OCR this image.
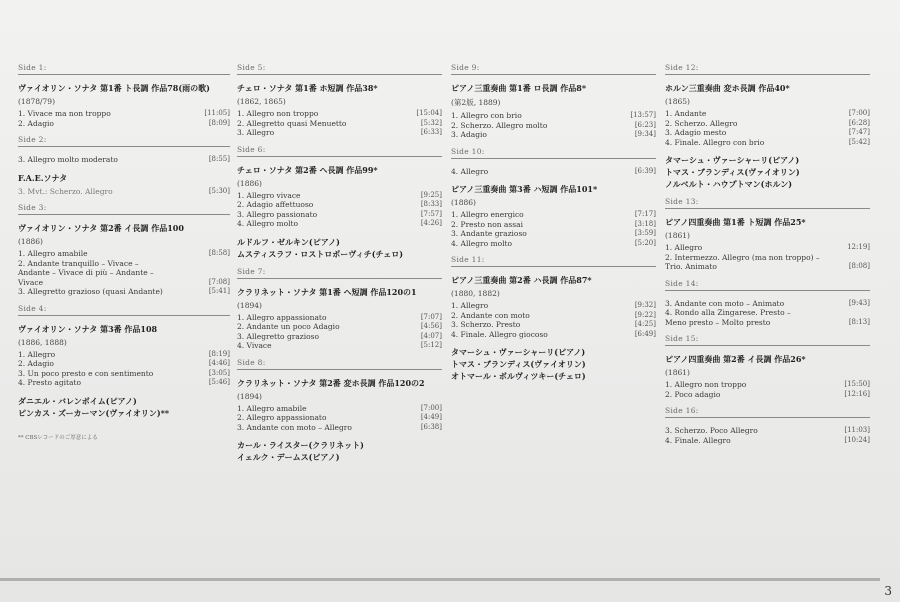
Side 1:
ヴァイオリン・ソナタ 第1番 ト長調 作品78(雨の歌)
(1878/79)
1. Vivace ma non troppo	[11:05]
2. Adagio	[8:09]
Side 2:
3. Allegro molto moderato	[8:55]
F.A.E.ソナタ
3. Mvt.: Scherzo. Allegro	[5:30]
Side 3:
ヴァイオリン・ソナタ 第2番 イ長調 作品100
(1886)
1. Allegro amabile	[8:58]
2. Andante tranquillo – Vivace –
Andante – Vivace di più – Andante –
Vivace	[7:08]
3. Allegretto grazioso (quasi Andante)	[5:41]
Side 4:
ヴァイオリン・ソナタ 第3番 作品108
(1886, 1888)
1. Allegro	[8:19]
2. Adagio	[4:46]
3. Un poco presto e con sentimento	[3:05]
4. Presto agitato	[5:46]
ダニエル・バレンボイム(ピアノ)
ピンカス・ズーカーマン(ヴァイオリン)**
** CBSレコードのご厚意による
Side 5:
チェロ・ソナタ 第1番 ホ短調 作品38*
(1862, 1865)
1. Allegro non troppo	[15:04]
2. Allegretto quasi Menuetto	[5:32]
3. Allegro	[6:33]
Side 6:
チェロ・ソナタ 第2番 ヘ長調 作品99*
(1886)
1. Allegro vivace	[9:25]
2. Adagio affettuoso	[8:33]
3. Allegro passionato	[7:57]
4. Allegro molto	[4:26]
ルドルフ・ゼルキン(ピアノ)
ムスティスラフ・ロストロポーヴィチ(チェロ)
Side 7:
クラリネット・ソナタ 第1番 ヘ短調 作品120の1
(1894)
1. Allegro appassionato	[7:07]
2. Andante un poco Adagio	[4:56]
3. Allegretto grazioso	[4:07]
4. Vivace	[5:12]
Side 8:
クラリネット・ソナタ 第2番 変ホ長調 作品120の2
(1894)
1. Allegro amabile	[7:00]
2. Allegro appassionato	[4:49]
3. Andante con moto – Allegro	[6:38]
カール・ライスター(クラリネット)
イェルク・デームス(ピアノ)
Side 9:
ピアノ三重奏曲 第1番 ロ長調 作品8*
(第2版, 1889)
1. Allegro con brio	[13:57]
2. Scherzo. Allegro molto	[6:23]
3. Adagio	[9:34]
Side 10:
4. Allegro	[6:39]
ピアノ三重奏曲 第3番 ハ短調 作品101*
(1886)
1. Allegro energico	[7:17]
2. Presto non assai	[3:18]
3. Andante grazioso	[3:59]
4. Allegro molto	[5:20]
Side 11:
ピアノ三重奏曲 第2番 ハ長調 作品87*
(1880, 1882)
1. Allegro	[9:32]
2. Andante con moto	[9:22]
3. Scherzo. Presto	[4:25]
4. Finale. Allegro giocoso	[6:49]
タマーシュ・ヴァーシャーリ(ピアノ)
トマス・ブランディス(ヴァイオリン)
オトマール・ボルヴィツキー(チェロ)
Side 12:
ホルン三重奏曲 変ホ長調 作品40*
(1865)
1. Andante	[7:00]
2. Scherzo. Allegro	[6:28]
3. Adagio mesto	[7:47]
4. Finale. Allegro con brio	[5:42]
タマーシュ・ヴァーシャーリ(ピアノ)
トマス・ブランディス(ヴァイオリン)
ノルベルト・ハウプトマン(ホルン)
Side 13:
ピアノ四重奏曲 第1番 ト短調 作品25*
(1861)
1. Allegro	12:19]
2. Intermezzo. Allegro (ma non troppo) –
Trio. Animato	[8:08]
Side 14:
3. Andante con moto – Animato	[9:43]
4. Rondo alla Zingarese. Presto –
Meno presto – Molto presto	[8:13]
Side 15:
ピアノ四重奏曲 第2番 イ長調 作品26*
(1861)
1. Allegro non troppo	[15:50]
2. Poco adagio	[12:16]
Side 16:
3. Scherzo. Poco Allegro	[11:03]
4. Finale. Allegro	[10:24]
3
